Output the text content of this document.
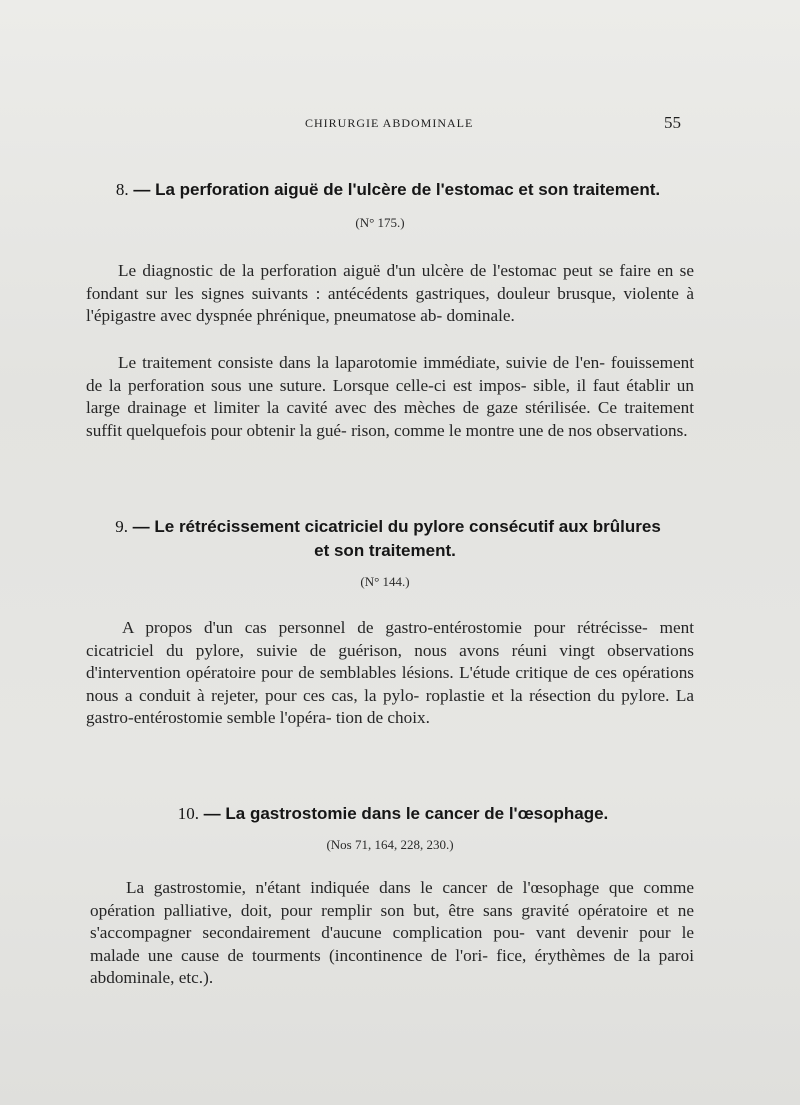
CHIRURGIE ABDOMINALE	55
8. — La perforation aiguë de l'ulcère de l'estomac et son traitement.
(N° 175.)

Le diagnostic de la perforation aiguë d'un ulcère de l'estomac peut se faire en se fondant sur les signes suivants : antécédents gastriques, douleur brusque, violente à l'épigastre avec dyspnée phrénique, pneumatose ab- dominale.

Le traitement consiste dans la laparotomie immédiate, suivie de l'en- fouissement de la perforation sous une suture. Lorsque celle-ci est impos- sible, il faut établir un large drainage et limiter la cavité avec des mèches de gaze stérilisée. Ce traitement suffit quelquefois pour obtenir la gué- rison, comme le montre une de nos observations.

9. — Le rétrécissement cicatriciel du pylore consécutif aux brûlures
et son traitement.
(N° 144.)

A propos d'un cas personnel de gastro-entérostomie pour rétrécisse- ment cicatriciel du pylore, suivie de guérison, nous avons réuni vingt observations d'intervention opératoire pour de semblables lésions. L'étude critique de ces opérations nous a conduit à rejeter, pour ces cas, la pylo- roplastie et la résection du pylore. La gastro-entérostomie semble l'opéra- tion de choix.

10. — La gastrostomie dans le cancer de l'œsophage.
(Nos 71, 164, 228, 230.)

La gastrostomie, n'étant indiquée dans le cancer de l'œsophage que comme opération palliative, doit, pour remplir son but, être sans gravité opératoire et ne s'accompagner secondairement d'aucune complication pou- vant devenir pour le malade une cause de tourments (incontinence de l'ori- fice, érythèmes de la paroi abdominale, etc.).
